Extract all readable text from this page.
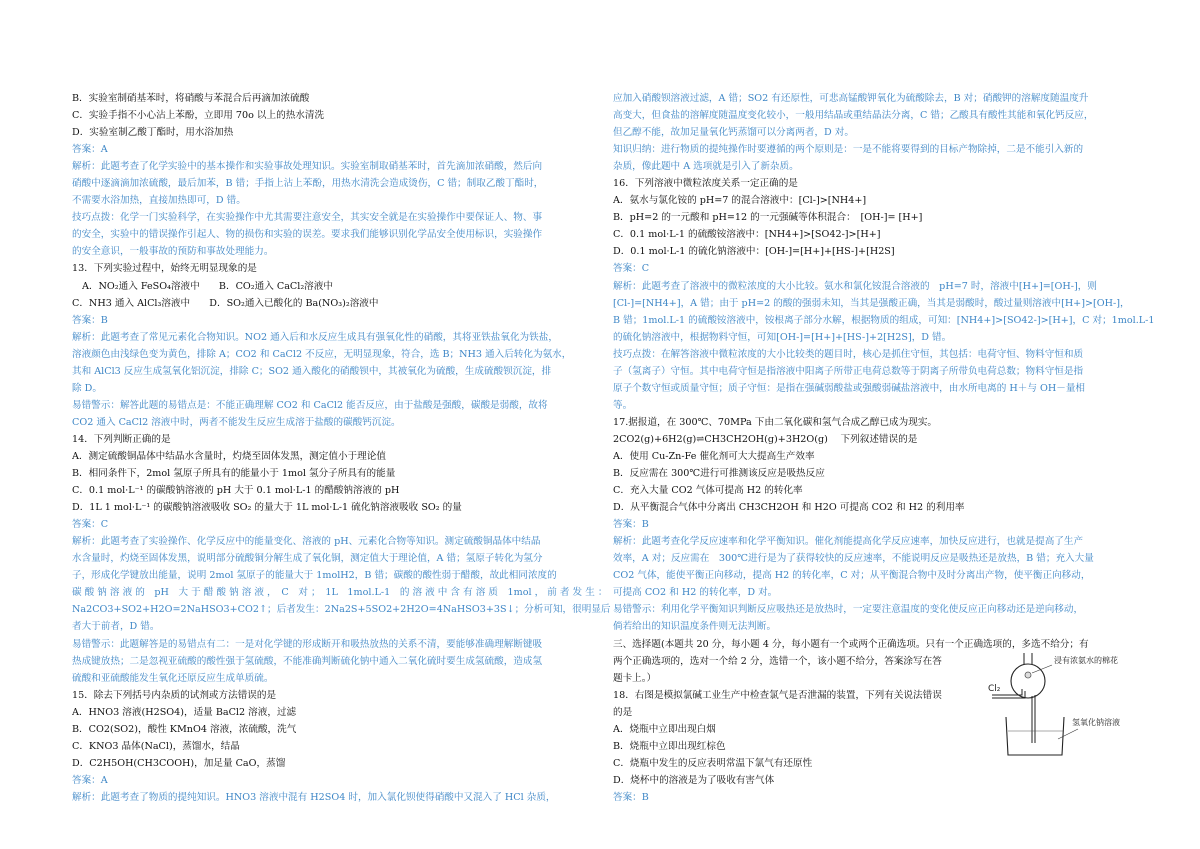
B．实验室制硝基苯时，将硝酸与苯混合后再滴加浓硫酸
C．实验手指不小心沾上苯酚，立即用 70o 以上的热水清洗
D．实验室制乙酸丁酯时，用水浴加热
答案：A
解析：此题考查了化学实验中的基本操作和实验事故处理知识。实验室制取硝基苯时，首先滴加浓硝酸，然后向
硝酸中逐滴滴加浓硫酸，最后加苯，B 错；手指上沾上苯酚，用热水清洗会造成烫伤，C 错；制取乙酸丁酯时，
不需要水浴加热，直接加热即可，D 错。
技巧点拨：化学一门实验科学，在实验操作中尤其需要注意安全，其实安全就是在实验操作中要保证人、物、事
的安全，实验中的错误操作引起人、物的损伤和实验的误差。要求我们能够识别化学品安全使用标识，实验操作
的安全意识，一般事故的预防和事故处理能力。
13．下列实验过程中，始终无明显现象的是
A．NO₂通入 FeSO₄溶液中　　B．CO₂通入 CaCl₂溶液中
C．NH3 通入 AlCl₃溶液中　　D．SO₂通入已酸化的 Ba(NO₃)₂溶液中
答案：B
解析：此题考查了常见元素化合物知识。NO2 通入后和水反应生成具有强氧化性的硝酸，其将亚铁盐氧化为铁盐，
溶液颜色由浅绿色变为黄色，排除 A；CO2 和 CaCl2 不反应，无明显现象，符合，选 B；NH3 通入后转化为氨水，
其和 AlCl3 反应生成氢氧化铝沉淀，排除 C；SO2 通入酸化的硝酸钡中，其被氧化为硫酸，生成硫酸钡沉淀，排
除 D。
易错警示：解答此题的易错点是：不能正确理解 CO2 和 CaCl2 能否反应，由于盐酸是强酸，碳酸是弱酸，故将
CO2 通入 CaCl2 溶液中时，两者不能发生反应生成溶于盐酸的碳酸钙沉淀。
14．下列判断正确的是
A．测定硫酸铜晶体中结晶水含量时，灼烧至固体发黑，测定值小于理论值
B．相同条件下，2mol 氢原子所具有的能量小于 1mol 氢分子所具有的能量
C．0.1 mol·L⁻¹ 的碳酸钠溶液的 pH 大于 0.1 mol·L-1 的醋酸钠溶液的 pH
D．1L 1 mol·L⁻¹ 的碳酸钠溶液吸收 SO₂ 的量大于 1L mol·L-1 硫化钠溶液吸收 SO₂ 的量
答案：C
解析：此题考查了实验操作、化学反应中的能量变化、溶液的 pH、元素化合物等知识。测定硫酸铜晶体中结晶
水含量时，灼烧至固体发黑，说明部分硫酸铜分解生成了氧化铜，测定值大于理论值，A 错；氢原子转化为氢分
子，形成化学键放出能量，说明 2mol 氢原子的能量大于 1molH2，B 错；碳酸的酸性弱于醋酸，故此相同浓度的
碳 酸 钠 溶 液 的　pH　大 于 醋 酸 钠 溶 液 ，　C　对 ；　1L　1mol.L-1　的 溶 液 中 含 有 溶 质　1mol ， 前 者 发 生 ：
Na2CO3+SO2+H2O=2NaHSO3+CO2↑；后者发生：2Na2S+5SO2+2H2O=4NaHSO3+3S↓；分析可知，很明显后
者大于前者，D 错。
易错警示：此题解答是的易错点有二：一是对化学键的形成断开和吸热放热的关系不清，要能够准确理解断键吸
热成键放热；二是忽视亚硫酸的酸性强于氢硫酸，不能准确判断硫化钠中通入二氧化硫时要生成氢硫酸，造成氢
硫酸和亚硫酸能发生氧化还原反应生成单质硫。
15．除去下列括号内杂质的试剂或方法错误的是
A．HNO3 溶液(H2SO4)，适量 BaCl2 溶液，过滤
B．CO2(SO2)，酸性 KMnO4 溶液，浓硫酸，洗气
C．KNO3 晶体(NaCl)，蒸馏水，结晶
D．C2H5OH(CH3COOH)，加足量 CaO，蒸馏
答案：A
解析：此题考查了物质的提纯知识。HNO3 溶液中混有 H2SO4 时，加入氯化钡使得硝酸中又混入了 HCl 杂质，
应加入硝酸钡溶液过滤，A 错；SO2 有还原性，可悲高锰酸钾氧化为硫酸除去，B 对；硝酸钾的溶解度随温度升
高变大，但食盐的溶解度随温度变化较小，一般用结晶或重结晶法分离，C 错；乙酸具有酸性其能和氧化钙反应，
但乙醇不能，故加足量氧化钙蒸馏可以分离两者，D 对。
知识归纳：进行物质的提纯操作时要遵循的两个原则是：一是不能将要得到的目标产物除掉，二是不能引入新的
杂质，像此题中 A 选项就是引入了新杂质。
16．下列溶液中微粒浓度关系一定正确的是
A．氨水与氯化铵的 pH=7 的混合溶液中：[Cl-]>[NH4+]
B．pH=2 的一元酸和 pH=12 的一元强碱等体积混合：　[OH-]= [H+]
C．0.1 mol·L-1 的硫酸铵溶液中：[NH4+]>[SO42-]>[H+]
D．0.1 mol·L-1 的硫化钠溶液中：[OH-]=[H+]+[HS-]+[H2S]
答案：C
解析：此题考查了溶液中的微粒浓度的大小比较。氨水和氯化铵混合溶液的　pH=7 时，溶液中[H+]=[OH-]，则
[Cl-]=[NH4+]，A 错；由于 pH=2 的酸的强弱未知，当其是强酸正确，当其是弱酸时，酸过量则溶液中[H+]>[OH-]，
B 错；1mol.L-1 的硫酸铵溶液中，铵根离子部分水解，根据物质的组成，可知：[NH4+]>[SO42-]>[H+]，C 对；1mol.L-1
的硫化钠溶液中，根据物料守恒，可知[OH-]=[H+]+[HS-]+2[H2S]，D 错。
技巧点拨：在解答溶液中微粒浓度的大小比较类的题目时，核心是抓住守恒，其包括：电荷守恒、物料守恒和质
子（氢离子）守恒。其中电荷守恒是指溶液中阳离子所带正电荷总数等于阴离子所带负电荷总数；物料守恒是指
原子个数守恒或质量守恒；质子守恒：是指在强碱弱酸盐或强酸弱碱盐溶液中，由水所电离的 H＋与 OH－量相
等。
17.据报道，在 300℃、70MPa 下由二氧化碳和氢气合成乙醇已成为现实。
2CO2(g)+6H2(g)⇌CH3CH2OH(g)+3H2O(g)　 下列叙述错误的是
A．使用 Cu-Zn-Fe 催化剂可大大提高生产效率
B．反应需在 300℃进行可推测该反应是吸热反应
C．充入大量 CO2 气体可提高 H2 的转化率
D．从平衡混合气体中分离出 CH3CH2OH 和 H2O 可提高 CO2 和 H2 的利用率
答案：B
解析：此题考查化学反应速率和化学平衡知识。催化剂能提高化学反应速率，加快反应进行，也就是提高了生产
效率，A 对；反应需在　300℃进行是为了获得较快的反应速率，不能说明反应是吸热还是放热，B 错；充入大量
CO2 气体，能使平衡正向移动，提高 H2 的转化率，C 对；从平衡混合物中及时分离出产物，使平衡正向移动，
可提高 CO2 和 H2 的转化率，D 对。
易错警示：利用化学平衡知识判断反应吸热还是放热时，一定要注意温度的变化使反应正向移动还是逆向移动，
倘若给出的知识温度条件则无法判断。
三、选择题(本题共 20 分，每小题 4 分，每小题有一个或两个正确选项。只有一个正确选项的，多选不给分；有
两个正确选项的，选对一个给 2 分，选错一个，该小题不给分，答案涂写在答
题卡上。）
18．右图是模拟氯碱工业生产中检查氯气是否泄漏的装置，下列有关说法错误
的是
A．烧瓶中立即出现白烟
B．烧瓶中立即出现红棕色
C．烧瓶中发生的反应表明常温下氯气有还原性
D．烧杯中的溶液是为了吸收有害气体
答案：B
浸有浓氨水的棉花
Cl₂
氢氧化钠溶液
